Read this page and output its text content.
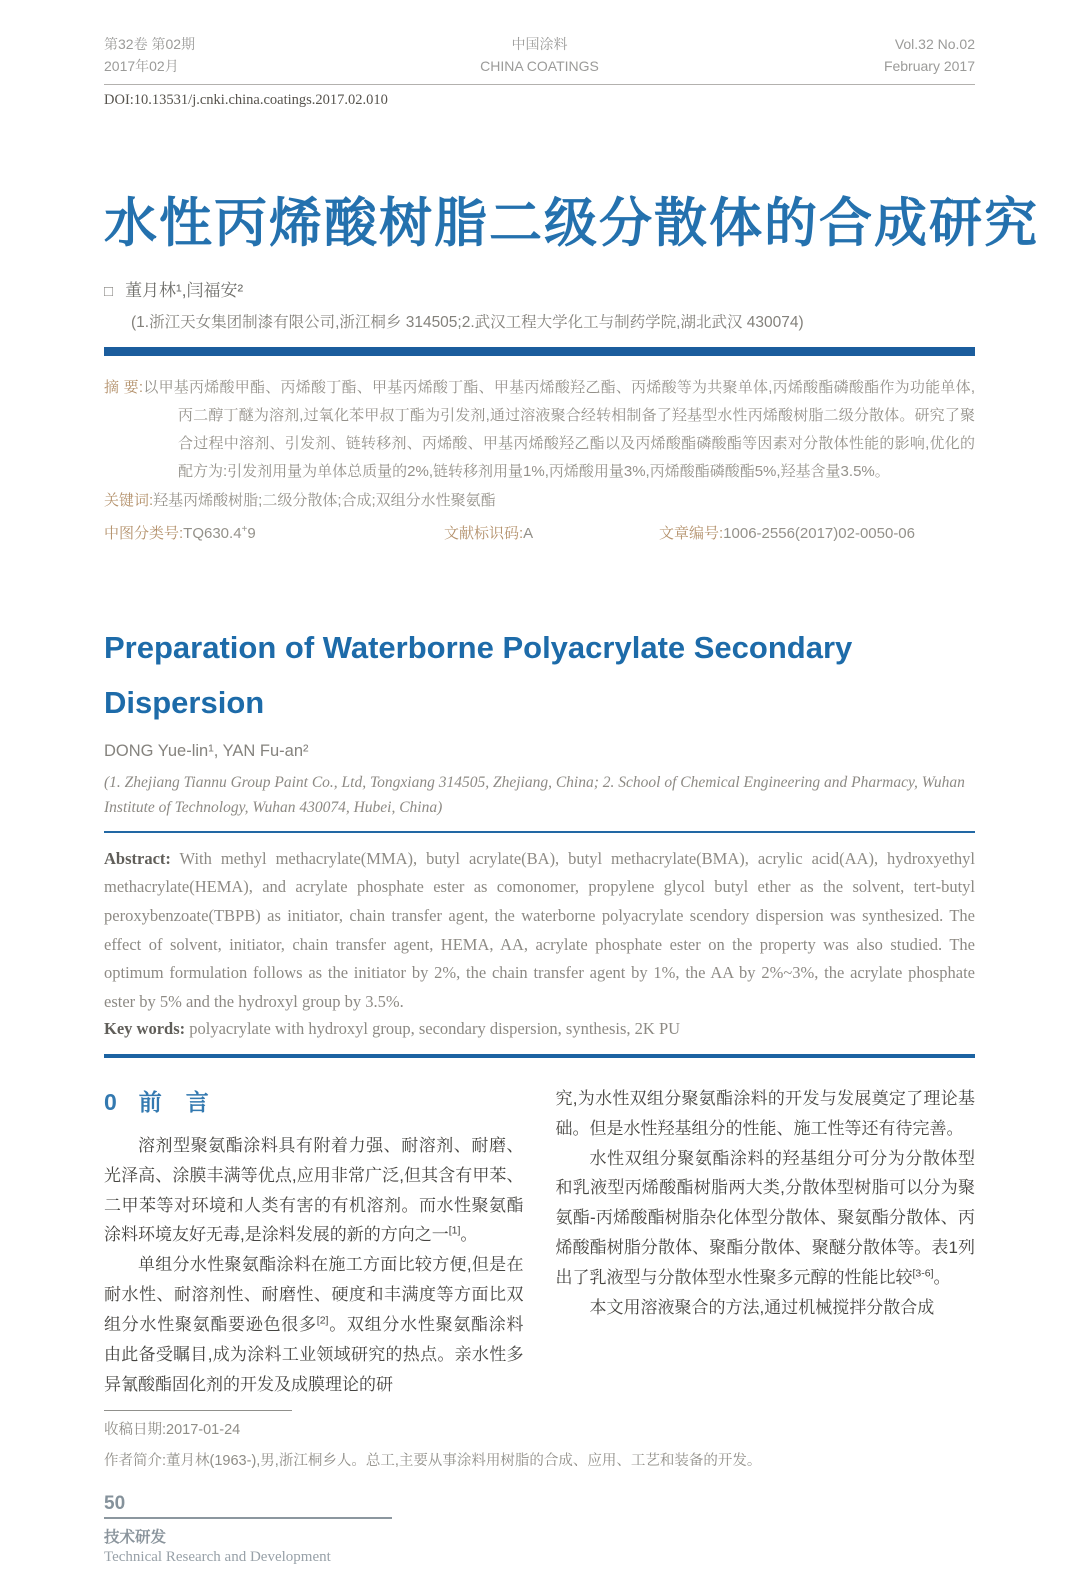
第32卷 第02期
2017年02月
中国涂料
CHINA COATINGS
Vol.32 No.02
February 2017
DOI:10.13531/j.cnki.china.coatings.2017.02.010
水性丙烯酸树脂二级分散体的合成研究
□ 董月林¹,闫福安²
(1.浙江天女集团制漆有限公司,浙江桐乡 314505;2.武汉工程大学化工与制药学院,湖北武汉 430074)
摘 要:以甲基丙烯酸甲酯、丙烯酸丁酯、甲基丙烯酸丁酯、甲基丙烯酸羟乙酯、丙烯酸等为共聚单体,丙烯酸酯磷酸酯作为功能单体,丙二醇丁醚为溶剂,过氧化苯甲叔丁酯为引发剂,通过溶液聚合经转相制备了羟基型水性丙烯酸树脂二级分散体。研究了聚合过程中溶剂、引发剂、链转移剂、丙烯酸、甲基丙烯酸羟乙酯以及丙烯酸酯磷酸酯等因素对分散体性能的影响,优化的配方为:引发剂用量为单体总质量的2%,链转移剂用量1%,丙烯酸用量3%,丙烯酸酯磷酸酯5%,羟基含量3.5%。
关键词:羟基丙烯酸树脂;二级分散体;合成;双组分水性聚氨酯
中图分类号:TQ630.4+9	文献标识码:A	文章编号:1006-2556(2017)02-0050-06
Preparation of Waterborne Polyacrylate Secondary Dispersion
DONG Yue-lin¹, YAN Fu-an²
(1. Zhejiang Tiannu Group Paint Co., Ltd, Tongxiang 314505, Zhejiang, China; 2. School of Chemical Engineering and Pharmacy, Wuhan Institute of Technology, Wuhan 430074, Hubei, China)
Abstract: With methyl methacrylate(MMA), butyl acrylate(BA), butyl methacrylate(BMA), acrylic acid(AA), hydroxyethyl methacrylate(HEMA), and acrylate phosphate ester as comonomer, propylene glycol butyl ether as the solvent, tert-butyl peroxybenzoate(TBPB) as initiator, chain transfer agent, the waterborne polyacrylate scendory dispersion was synthesized. The effect of solvent, initiator, chain transfer agent, HEMA, AA, acrylate phosphate ester on the property was also studied. The optimum formulation follows as the initiator by 2%, the chain transfer agent by 1%, the AA by 2%~3%, the acrylate phosphate ester by 5% and the hydroxyl group by 3.5%.
Key words: polyacrylate with hydroxyl group, secondary dispersion, synthesis, 2K PU
0 前言

溶剂型聚氨酯涂料具有附着力强、耐溶剂、耐磨、光泽高、涂膜丰满等优点,应用非常广泛,但其含有甲苯、二甲苯等对环境和人类有害的有机溶剂。而水性聚氨酯涂料环境友好无毒,是涂料发展的新的方向之一[1]。

单组分水性聚氨酯涂料在施工方面比较方便,但是在耐水性、耐溶剂性、耐磨性、硬度和丰满度等方面比双组分水性聚氨酯要逊色很多[2]。双组分水性聚氨酯涂料由此备受瞩目,成为涂料工业领域研究的热点。亲水性多异氰酸酯固化剂的开发及成膜理论的研

究,为水性双组分聚氨酯涂料的开发与发展奠定了理论基础。但是水性羟基组分的性能、施工性等还有待完善。

水性双组分聚氨酯涂料的羟基组分可分为分散体型和乳液型丙烯酸酯树脂两大类,分散体型树脂可以分为聚氨酯-丙烯酸酯树脂杂化体型分散体、聚氨酯分散体、丙烯酸酯树脂分散体、聚酯分散体、聚醚分散体等。表1列出了乳液型与分散体型水性聚多元醇的性能比较[3-6]。

本文用溶液聚合的方法,通过机械搅拌分散合成

收稿日期:2017-01-24
作者简介:董月林(1963-),男,浙江桐乡人。总工,主要从事涂料用树脂的合成、应用、工艺和装备的开发。
50
技术研发
Technical Research and Development
